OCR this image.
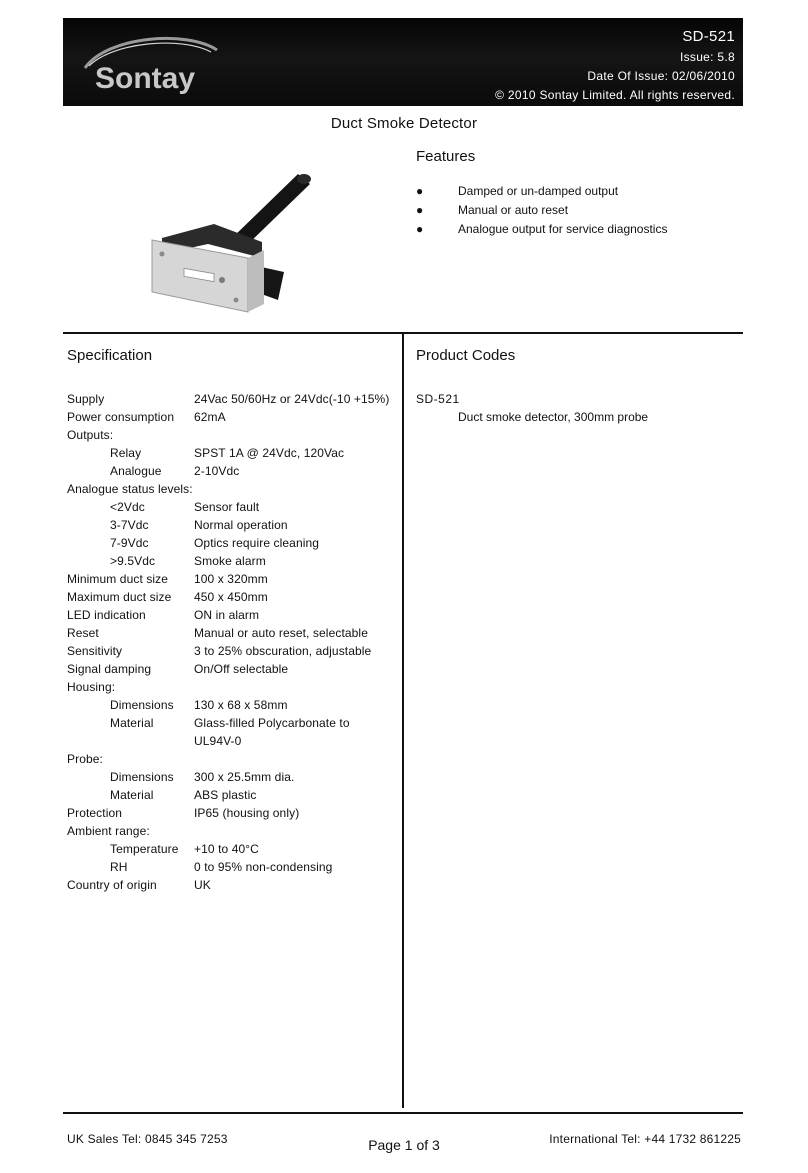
Sontay
SD-521
Issue: 5.8
Date Of Issue: 02/06/2010
© 2010 Sontay Limited. All rights reserved.
Duct Smoke Detector
Features
●	Damped or un-damped output
●	Manual or auto reset
●	Analogue output for service diagnostics
Specification	Product Codes
Supply	24Vac 50/60Hz or 24Vdc(-10 +15%)
Power consumption	62mA
Outputs:
Relay	SPST 1A @ 24Vdc, 120Vac
Analogue	2-10Vdc
Analogue status levels:
<2Vdc	Sensor fault
3-7Vdc	Normal operation
7-9Vdc	Optics require cleaning
>9.5Vdc	Smoke alarm
Minimum duct size	100 x 320mm
Maximum duct size	450 x 450mm
LED indication	ON in alarm
Reset	Manual or auto reset, selectable
Sensitivity	3 to 25% obscuration, adjustable
Signal damping	On/Off selectable
Housing:
Dimensions	130 x 68 x 58mm
Material	Glass-filled Polycarbonate to
UL94V-0
Probe:
Dimensions	300 x 25.5mm dia.
Material	ABS plastic
Protection	IP65 (housing only)
Ambient range:
Temperature	+10 to 40°C
RH	0 to 95% non-condensing
Country of origin	UK
SD-521
Duct smoke detector, 300mm probe
UK Sales Tel: 0845 345 7253	Page 1 of 3	International Tel: +44 1732 861225
